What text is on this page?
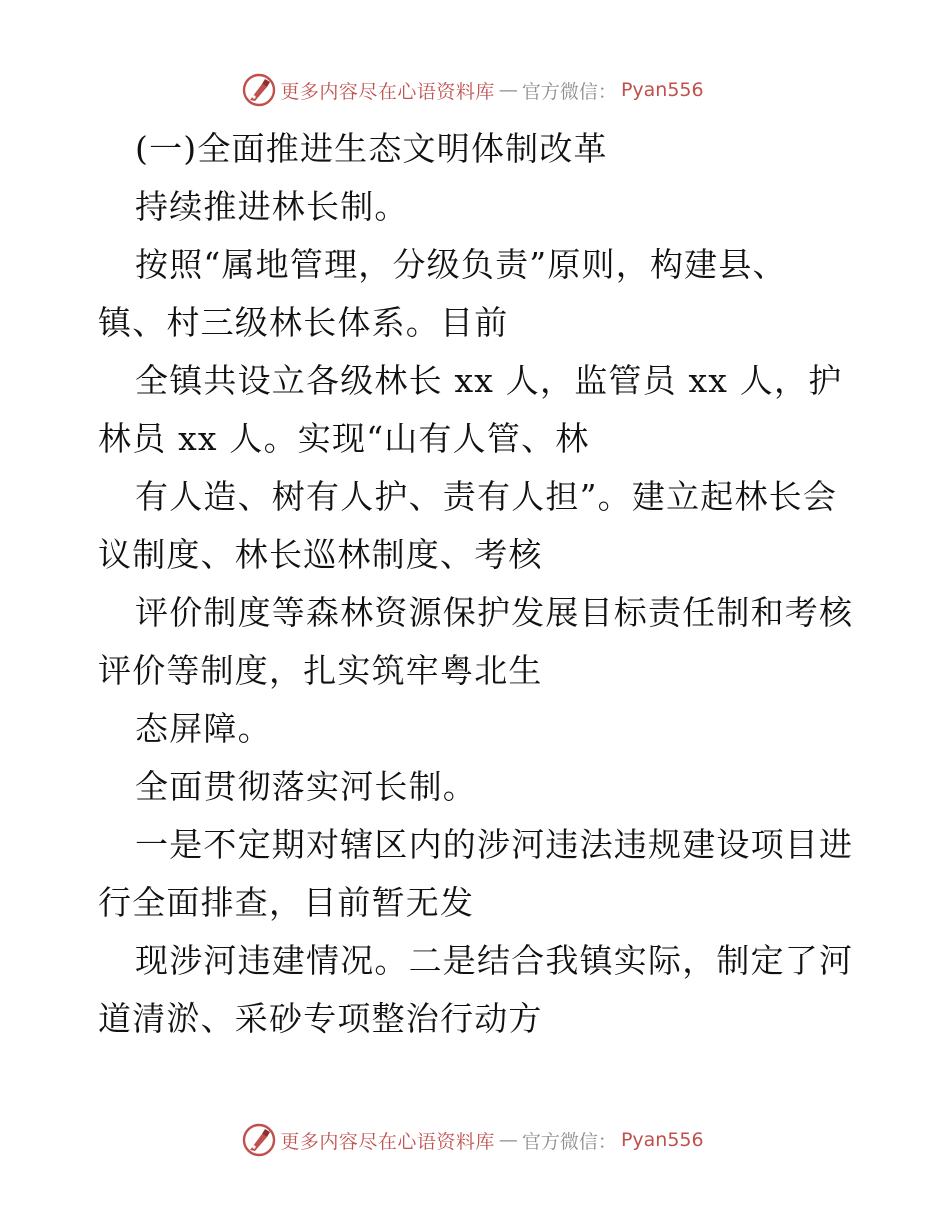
更多内容尽在心语资料库 — 官方微信： Pyan556
(一)全面推进生态文明体制改革
持续推进林长制。
按照“属地管理，分级负责”原则，构建县、
镇、村三级林长体系。目前
全镇共设立各级林长 xx 人，监管员 xx 人，护
林员 xx 人。实现“山有人管、林
有人造、树有人护、责有人担”。建立起林长会
议制度、林长巡林制度、考核
评价制度等森林资源保护发展目标责任制和考核
评价等制度，扎实筑牢粤北生
态屏障。
全面贯彻落实河长制。
一是不定期对辖区内的涉河违法违规建设项目进
行全面排查，目前暂无发
现涉河违建情况。二是结合我镇实际，制定了河
道清淤、采砂专项整治行动方
更多内容尽在心语资料库 — 官方微信： Pyan556
